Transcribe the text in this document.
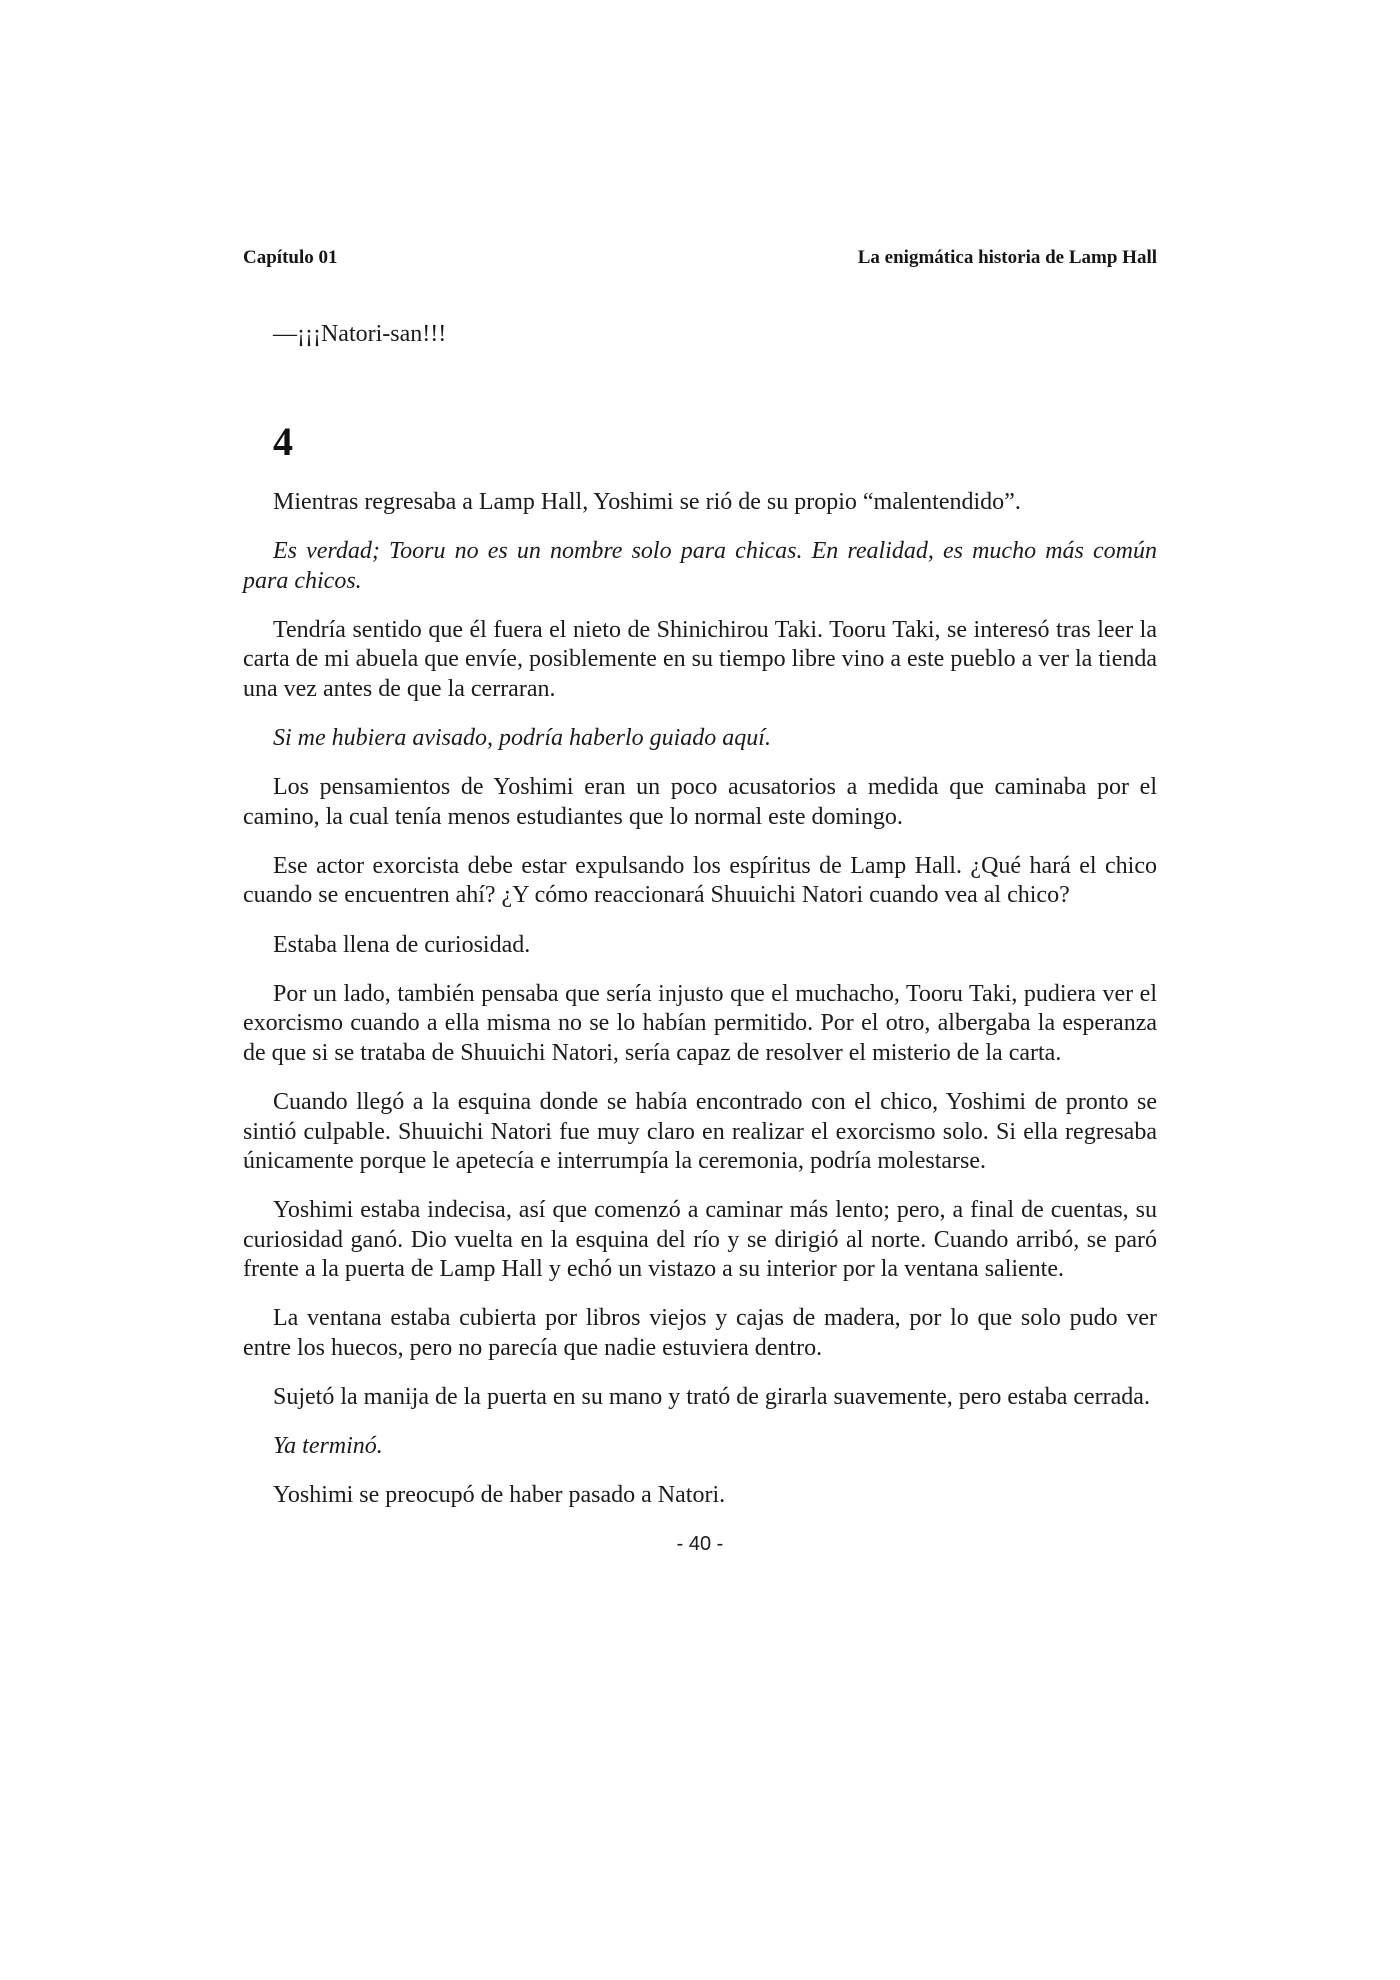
Capítulo 01	La enigmática historia de Lamp Hall

—¡¡¡Natori-san!!!

4

Mientras regresaba a Lamp Hall, Yoshimi se rió de su propio “malentendido”.

Es verdad; Tooru no es un nombre solo para chicas. En realidad, es mucho más común para chicos.

Tendría sentido que él fuera el nieto de Shinichirou Taki. Tooru Taki, se interesó tras leer la carta de mi abuela que envíe, posiblemente en su tiempo libre vino a este pueblo a ver la tienda una vez antes de que la cerraran.

Si me hubiera avisado, podría haberlo guiado aquí.

Los pensamientos de Yoshimi eran un poco acusatorios a medida que caminaba por el camino, la cual tenía menos estudiantes que lo normal este domingo.

Ese actor exorcista debe estar expulsando los espíritus de Lamp Hall. ¿Qué hará el chico cuando se encuentren ahí? ¿Y cómo reaccionará Shuuichi Natori cuando vea al chico?

Estaba llena de curiosidad.

Por un lado, también pensaba que sería injusto que el muchacho, Tooru Taki, pudiera ver el exorcismo cuando a ella misma no se lo habían permitido. Por el otro, albergaba la esperanza de que si se trataba de Shuuichi Natori, sería capaz de resolver el misterio de la carta.

Cuando llegó a la esquina donde se había encontrado con el chico, Yoshimi de pronto se sintió culpable. Shuuichi Natori fue muy claro en realizar el exorcismo solo. Si ella regresaba únicamente porque le apetecía e interrumpía la ceremonia, podría molestarse.

Yoshimi estaba indecisa, así que comenzó a caminar más lento; pero, a final de cuentas, su curiosidad ganó. Dio vuelta en la esquina del río y se dirigió al norte. Cuando arribó, se paró frente a la puerta de Lamp Hall y echó un vistazo a su interior por la ventana saliente.

La ventana estaba cubierta por libros viejos y cajas de madera, por lo que solo pudo ver entre los huecos, pero no parecía que nadie estuviera dentro.

Sujetó la manija de la puerta en su mano y trató de girarla suavemente, pero estaba cerrada.

Ya terminó.

Yoshimi se preocupó de haber pasado a Natori.

- 40 -
